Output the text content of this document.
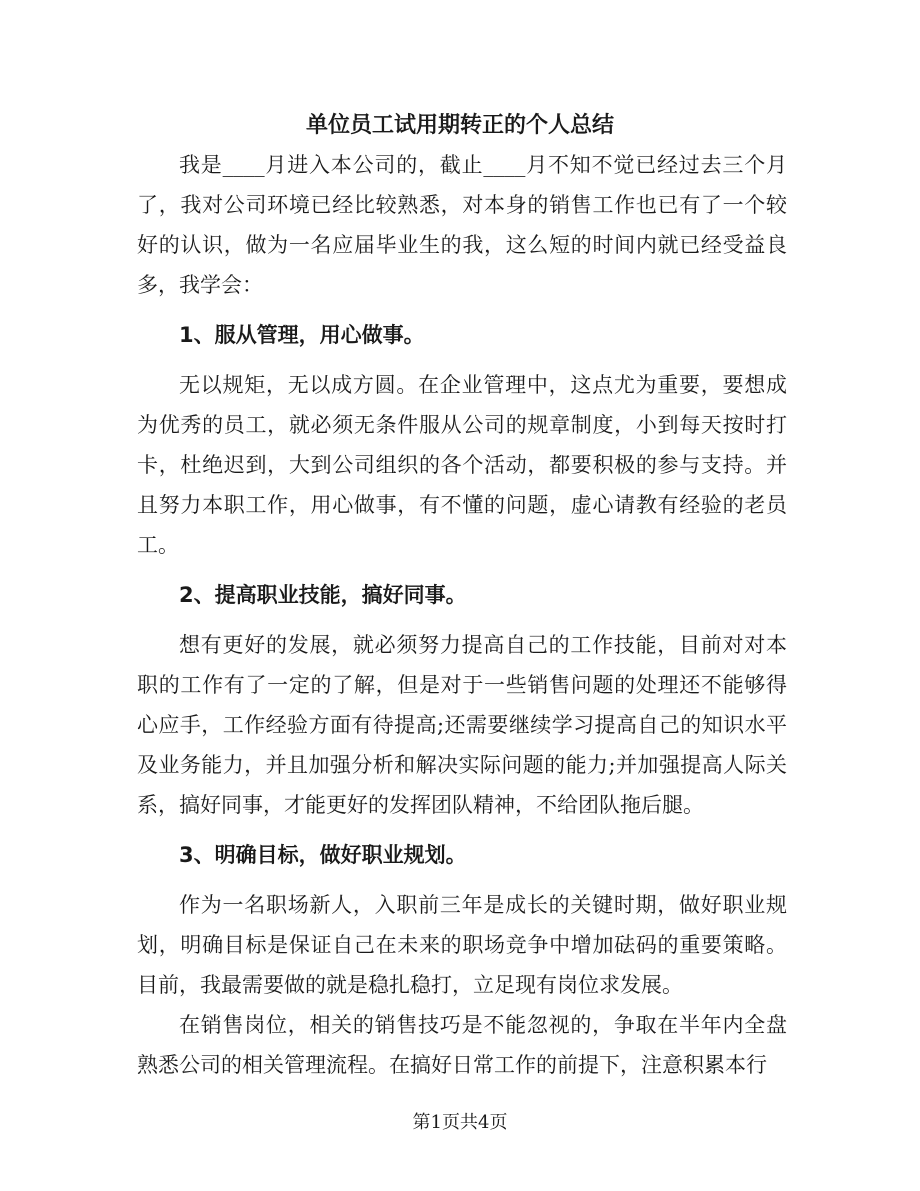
单位员工试用期转正的个人总结

我是____月进入本公司的，截止____月不知不觉已经过去三个月了，我对公司环境已经比较熟悉，对本身的销售工作也已有了一个较好的认识，做为一名应届毕业生的我，这么短的时间内就已经受益良多，我学会：

1、服从管理，用心做事。

无以规矩，无以成方圆。在企业管理中，这点尤为重要，要想成为优秀的员工，就必须无条件服从公司的规章制度，小到每天按时打卡，杜绝迟到，大到公司组织的各个活动，都要积极的参与支持。并且努力本职工作，用心做事，有不懂的问题，虚心请教有经验的老员工。

2、提高职业技能，搞好同事。

想有更好的发展，就必须努力提高自己的工作技能，目前对对本职的工作有了一定的了解，但是对于一些销售问题的处理还不能够得心应手，工作经验方面有待提高;还需要继续学习提高自己的知识水平及业务能力，并且加强分析和解决实际问题的能力;并加强提高人际关系，搞好同事，才能更好的发挥团队精神，不给团队拖后腿。

3、明确目标，做好职业规划。

作为一名职场新人，入职前三年是成长的关键时期，做好职业规划，明确目标是保证自己在未来的职场竞争中增加砝码的重要策略。目前，我最需要做的就是稳扎稳打，立足现有岗位求发展。

在销售岗位，相关的销售技巧是不能忽视的，争取在半年内全盘熟悉公司的相关管理流程。在搞好日常工作的前提下，注意积累本行

第1页共4页
